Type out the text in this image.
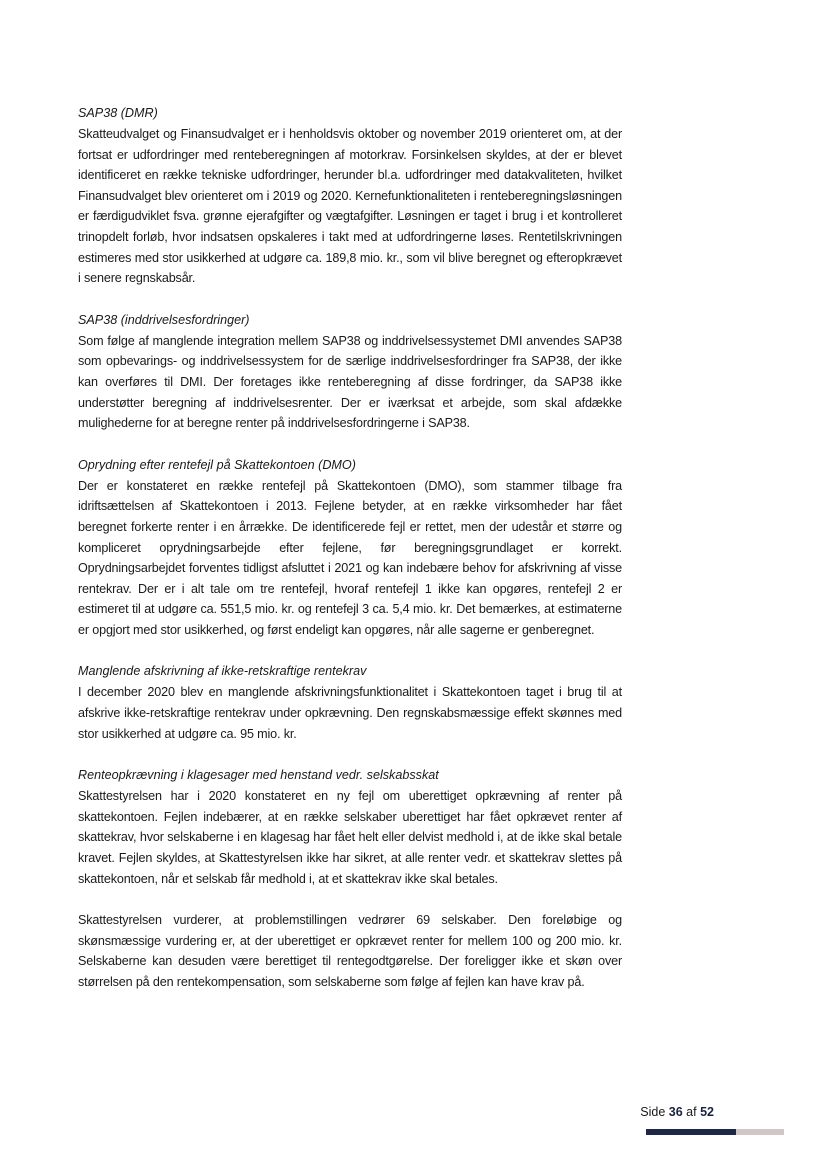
SAP38 (DMR)

Skatteudvalget og Finansudvalget er i henholdsvis oktober og november 2019 orienteret om, at der fortsat er udfordringer med renteberegningen af motorkrav. Forsinkelsen skyldes, at der er blevet identificeret en række tekniske udfordringer, herunder bl.a. udfordringer med datakvaliteten, hvilket Finansudvalget blev orienteret om i 2019 og 2020. Kernefunktionaliteten i renteberegningsløsningen er færdigudviklet fsva. grønne ejerafgifter og vægtafgifter. Løsningen er taget i brug i et kontrolleret trinopdelt forløb, hvor indsatsen opskaleres i takt med at udfordringerne løses. Rentetilskrivningen estimeres med stor usikkerhed at udgøre ca. 189,8 mio. kr., som vil blive beregnet og efteropkrævet i senere regnskabsår.

SAP38 (inddrivelsesfordringer)

Som følge af manglende integration mellem SAP38 og inddrivelsessystemet DMI anvendes SAP38 som opbevarings- og inddrivelsessystem for de særlige inddrivelsesfordringer fra SAP38, der ikke kan overføres til DMI. Der foretages ikke renteberegning af disse fordringer, da SAP38 ikke understøtter beregning af inddrivelsesrenter. Der er iværksat et arbejde, som skal afdække mulighederne for at beregne renter på inddrivelsesfordringerne i SAP38.

Oprydning efter rentefejl på Skattekontoen (DMO)

Der er konstateret en række rentefejl på Skattekontoen (DMO), som stammer tilbage fra idriftsættelsen af Skattekontoen i 2013. Fejlene betyder, at en række virksomheder har fået beregnet forkerte renter i en årrække. De identificerede fejl er rettet, men der udestår et større og kompliceret oprydningsarbejde efter fejlene, før beregningsgrundlaget er korrekt. Oprydningsarbejdet forventes tidligst afsluttet i 2021 og kan indebære behov for afskrivning af visse rentekrav. Der er i alt tale om tre rentefejl, hvoraf rentefejl 1 ikke kan opgøres, rentefejl 2 er estimeret til at udgøre ca. 551,5 mio. kr. og rentefejl 3 ca. 5,4 mio. kr. Det bemærkes, at estimaterne er opgjort med stor usikkerhed, og først endeligt kan opgøres, når alle sagerne er genberegnet.

Manglende afskrivning af ikke-retskraftige rentekrav

I december 2020 blev en manglende afskrivningsfunktionalitet i Skattekontoen taget i brug til at afskrive ikke-retskraftige rentekrav under opkrævning. Den regnskabsmæssige effekt skønnes med stor usikkerhed at udgøre ca. 95 mio. kr.

Renteopkrævning i klagesager med henstand vedr. selskabsskat

Skattestyrelsen har i 2020 konstateret en ny fejl om uberettiget opkrævning af renter på skattekontoen. Fejlen indebærer, at en række selskaber uberettiget har fået opkrævet renter af skattekrav, hvor selskaberne i en klagesag har fået helt eller delvist medhold i, at de ikke skal betale kravet. Fejlen skyldes, at Skattestyrelsen ikke har sikret, at alle renter vedr. et skattekrav slettes på skattekontoen, når et selskab får medhold i, at et skattekrav ikke skal betales.

Skattestyrelsen vurderer, at problemstillingen vedrører 69 selskaber. Den foreløbige og skønsmæssige vurdering er, at der uberettiget er opkrævet renter for mellem 100 og 200 mio. kr. Selskaberne kan desuden være berettiget til rentegodtgørelse. Der foreligger ikke et skøn over størrelsen på den rentekompensation, som selskaberne som følge af fejlen kan have krav på.

Side 36 af 52
